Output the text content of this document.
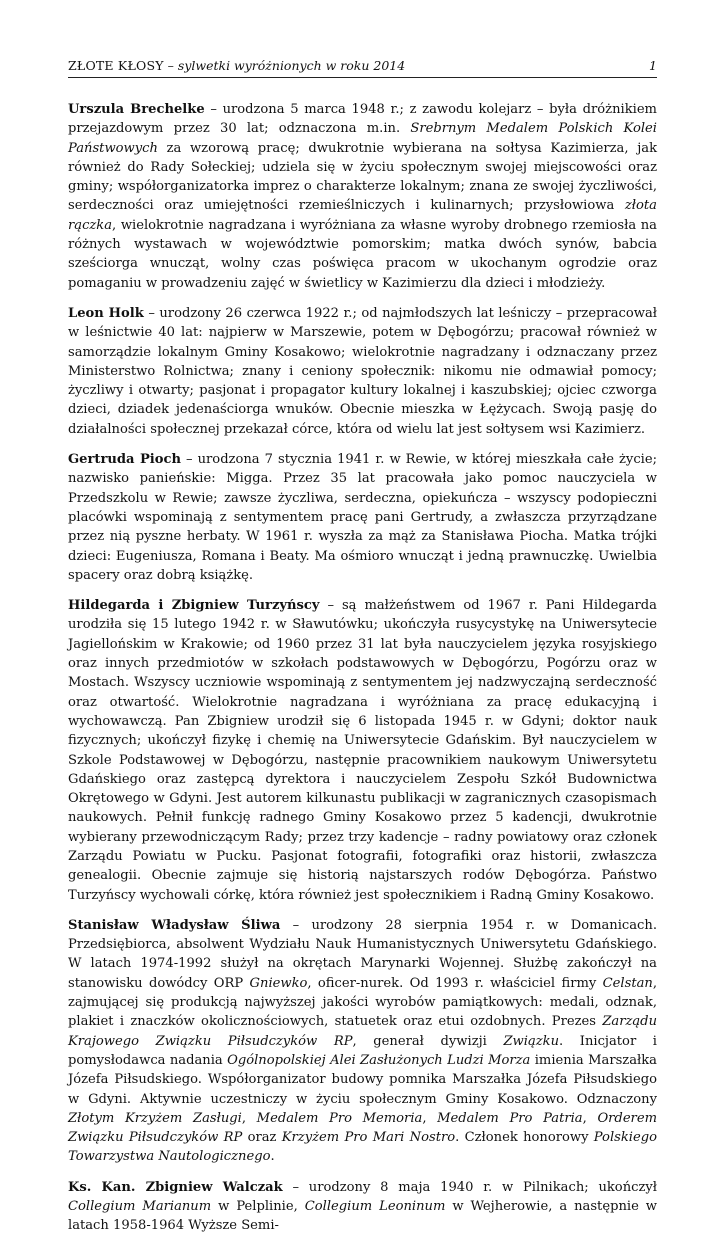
ZŁOTE KŁOSY – sylwetki wyróżnionych w roku 2014	1

Urszula Brechelke – urodzona 5 marca 1948 r.; z zawodu kolejarz – była dróżnikiem przejazdowym przez 30 lat; odznaczona m.in. Srebrnym Medalem Polskich Kolei Państwowych za wzorową pracę; dwukrotnie wybierana na sołtysa Kazimierza, jak również do Rady Sołeckiej; udziela się w życiu społecznym swojej miejscowości oraz gminy; współorganizatorka imprez o charakterze lokalnym; znana ze swojej życzliwości, serdeczności oraz umiejętności rzemieślniczych i kulinarnych; przysłowiowa złota rączka, wielokrotnie nagradzana i wyróżniana za własne wyroby drobnego rzemiosła na różnych wystawach w województwie pomorskim; matka dwóch synów, babcia sześciorga wnucząt, wolny czas poświęca pracom w ukochanym ogrodzie oraz pomaganiu w prowadzeniu zajęć w świetlicy w Kazimierzu dla dzieci i młodzieży.

Leon Holk – urodzony 26 czerwca 1922 r.; od najmłodszych lat leśniczy – przepracował w leśnictwie 40 lat: najpierw w Marszewie, potem w Dębogórzu; pracował również w samorządzie lokalnym Gminy Kosakowo; wielokrotnie nagradzany i odznaczany przez Ministerstwo Rolnictwa; znany i ceniony społecznik: nikomu nie odmawiał pomocy; życzliwy i otwarty; pasjonat i propagator kultury lokalnej i kaszubskiej; ojciec czworga dzieci, dziadek jedenaściorga wnuków. Obecnie mieszka w Łężycach. Swoją pasję do działalności społecznej przekazał córce, która od wielu lat jest sołtysem wsi Kazimierz.

Gertruda Pioch – urodzona 7 stycznia 1941 r. w Rewie, w której mieszkała całe życie; nazwisko panieńskie: Migga. Przez 35 lat pracowała jako pomoc nauczyciela w Przedszkolu w Rewie; zawsze życzliwa, serdeczna, opiekuńcza – wszyscy podopieczni placówki wspominają z sentymentem pracę pani Gertrudy, a zwłaszcza przyrządzane przez nią pyszne herbaty. W 1961 r. wyszła za mąż za Stanisława Piocha. Matka trójki dzieci: Eugeniusza, Romana i Beaty. Ma ośmioro wnucząt i jedną prawnuczkę. Uwielbia spacery oraz dobrą książkę.

Hildegarda i Zbigniew Turzyńscy – są małżeństwem od 1967 r. Pani Hildegarda urodziła się 15 lutego 1942 r. w Sławutówku; ukończyła rusycystykę na Uniwersytecie Jagiellońskim w Krakowie; od 1960 przez 31 lat była nauczycielem języka rosyjskiego oraz innych przedmiotów w szkołach podstawowych w Dębogórzu, Pogórzu oraz w Mostach. Wszyscy uczniowie wspominają z sentymentem jej nadzwyczajną serdeczność oraz otwartość. Wielokrotnie nagradzana i wyróżniana za pracę edukacyjną i wychowawczą. Pan Zbigniew urodził się 6 listopada 1945 r. w Gdyni; doktor nauk fizycznych; ukończył fizykę i chemię na Uniwersytecie Gdańskim. Był nauczycielem w Szkole Podstawowej w Dębogórzu, następnie pracownikiem naukowym Uniwersytetu Gdańskiego oraz zastępcą dyrektora i nauczycielem Zespołu Szkół Budownictwa Okrętowego w Gdyni. Jest autorem kilkunastu publikacji w zagranicznych czasopismach naukowych. Pełnił funkcję radnego Gminy Kosakowo przez 5 kadencji, dwukrotnie wybierany przewodniczącym Rady; przez trzy kadencje – radny powiatowy oraz członek Zarządu Powiatu w Pucku. Pasjonat fotografii, fotografiki oraz historii, zwłaszcza genealogii. Obecnie zajmuje się historią najstarszych rodów Dębogórza. Państwo Turzyńscy wychowali córkę, która również jest społecznikiem i Radną Gminy Kosakowo.

Stanisław Władysław Śliwa – urodzony 28 sierpnia 1954 r. w Domanicach. Przedsiębiorca, absolwent Wydziału Nauk Humanistycznych Uniwersytetu Gdańskiego. W latach 1974-1992 służył na okrętach Marynarki Wojennej. Służbę zakończył na stanowisku dowódcy ORP Gniewko, oficer-nurek. Od 1993 r. właściciel firmy Celstan, zajmującej się produkcją najwyższej jakości wyrobów pamiątkowych: medali, odznak, plakiet i znaczków okolicznościowych, statuetek oraz etui ozdobnych. Prezes Zarządu Krajowego Związku Piłsudczyków RP, generał dywizji Związku. Inicjator i pomysłodawca nadania Ogólnopolskiej Alei Zasłużonych Ludzi Morza imienia Marszałka Józefa Piłsudskiego. Współorganizator budowy pomnika Marszałka Józefa Piłsudskiego w Gdyni. Aktywnie uczestniczy w życiu społecznym Gminy Kosakowo. Odznaczony Złotym Krzyżem Zasługi, Medalem Pro Memoria, Medalem Pro Patria, Orderem Związku Piłsudczyków RP oraz Krzyżem Pro Mari Nostro. Członek honorowy Polskiego Towarzystwa Nautologicznego.

Ks. Kan. Zbigniew Walczak – urodzony 8 maja 1940 r. w Pilnikach; ukończył Collegium Marianum w Pelplinie, Collegium Leoninum w Wejherowie, a następnie w latach 1958-1964 Wyższe Semi-
